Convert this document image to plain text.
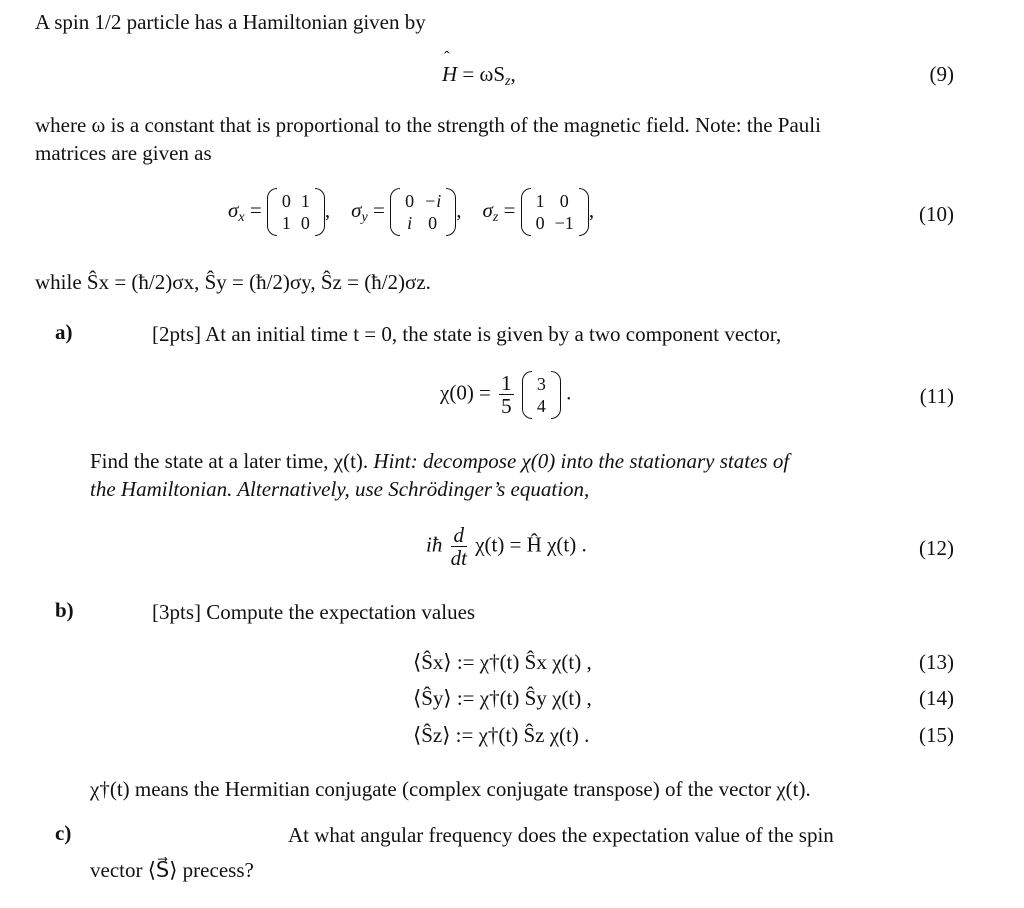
A spin 1/2 particle has a Hamiltonian given by
ˆ $H = \omega S_z$,	(9)
where ω is a constant that is proportional to the strength of the magnetic field. Note: the Pauli
matrices are given as
$\sigma_x = 0$	1
1	0
,    $\sigma_y = 0$	−i
i	0
,    $\sigma_z = 1$	0
0	−1
,	(10)
while Ŝx = (ħ/2)σx, Ŝy = (ħ/2)σy, Ŝz = (ħ/2)σz.
a)	[2pts] At an initial time t = 0, the state is given by a two component vector,
$\chi(0) = \frac{1}{5}$
3
4
.	(11)
Find the state at a later time, χ(t). Hint: decompose χ(0) into the stationary states of
the Hamiltonian. Alternatively, use Schrödinger’s equation,
iħ $\frac{d}{dt} \chi(t)$ = Ĥ χ(t) .	(12)
b)	[3pts] Compute the expectation values
⟨Ŝx⟩ := χ†(t) Ŝx χ(t) ,	(13)
⟨Ŝy⟩ := χ†(t) Ŝy χ(t) ,	(14)
⟨Ŝz⟩ := χ†(t) Ŝz χ(t) .	(15)
χ†(t) means the Hermitian conjugate (complex conjugate transpose) of the vector χ(t).
c)	At what angular frequency does the expectation value of the spin
vector ⟨S⃗⟩ precess?
